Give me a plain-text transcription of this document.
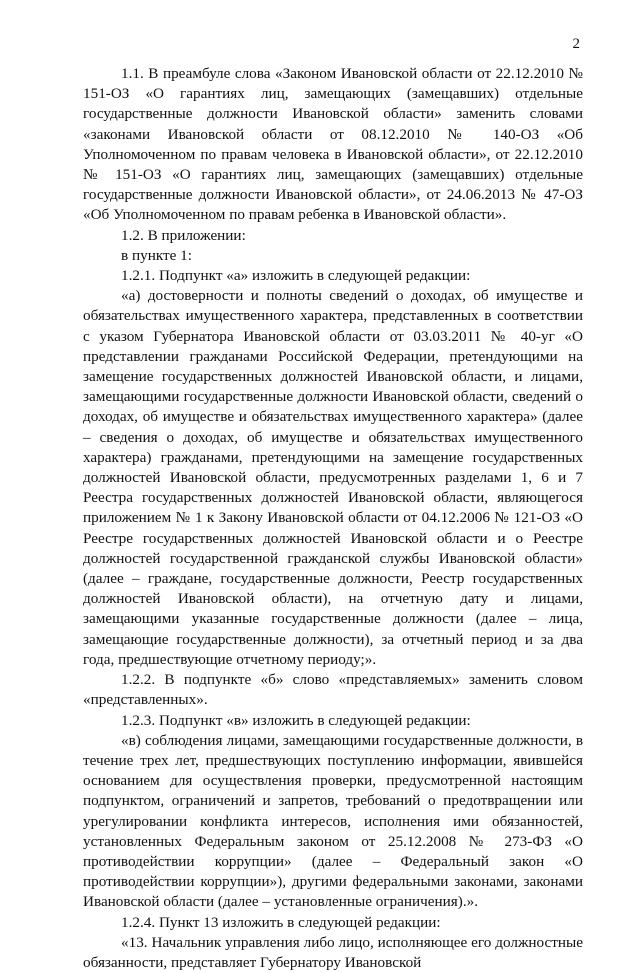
2

1.1. В преамбуле слова «Законом Ивановской области от 22.12.2010 № 151-ОЗ «О гарантиях лиц, замещающих (замещавших) отдельные государственные должности Ивановской области» заменить словами «законами Ивановской области от 08.12.2010 № 140-ОЗ «Об Уполномоченном по правам человека в Ивановской области», от 22.12.2010 № 151-ОЗ «О гарантиях лиц, замещающих (замещавших) отдельные государственные должности Ивановской области», от 24.06.2013 № 47-ОЗ «Об Уполномоченном по правам ребенка в Ивановской области».

1.2. В приложении:

в пункте 1:

1.2.1. Подпункт «а» изложить в следующей редакции:

«а) достоверности и полноты сведений о доходах, об имуществе и обязательствах имущественного характера, представленных в соответствии с указом Губернатора Ивановской области от 03.03.2011 № 40-уг «О представлении гражданами Российской Федерации, претендующими на замещение государственных должностей Ивановской области, и лицами, замещающими государственные должности Ивановской области, сведений о доходах, об имуществе и обязательствах имущественного характера» (далее – сведения о доходах, об имуществе и обязательствах имущественного характера) гражданами, претендующими на замещение государственных должностей Ивановской области, предусмотренных разделами 1, 6 и 7 Реестра государственных должностей Ивановской области, являющегося приложением № 1 к Закону Ивановской области от 04.12.2006 № 121-ОЗ «О Реестре государственных должностей Ивановской области и о Реестре должностей государственной гражданской службы Ивановской области» (далее – граждане, государственные должности, Реестр государственных должностей Ивановской области), на отчетную дату и лицами, замещающими указанные государственные должности (далее – лица, замещающие государственные должности), за отчетный период и за два года, предшествующие отчетному периоду;».

1.2.2. В подпункте «б» слово «представляемых» заменить словом «представленных».

1.2.3. Подпункт «в» изложить в следующей редакции:

«в) соблюдения лицами, замещающими государственные должности, в течение трех лет, предшествующих поступлению информации, явившейся основанием для осуществления проверки, предусмотренной настоящим подпунктом, ограничений и запретов, требований о предотвращении или урегулировании конфликта интересов, исполнения ими обязанностей, установленных Федеральным законом от 25.12.2008 № 273-ФЗ «О противодействии коррупции» (далее – Федеральный закон «О противодействии коррупции»), другими федеральными законами, законами Ивановской области (далее – установленные ограничения).».

1.2.4. Пункт 13 изложить в следующей редакции:

«13. Начальник управления либо лицо, исполняющее его должностные обязанности, представляет Губернатору Ивановской
